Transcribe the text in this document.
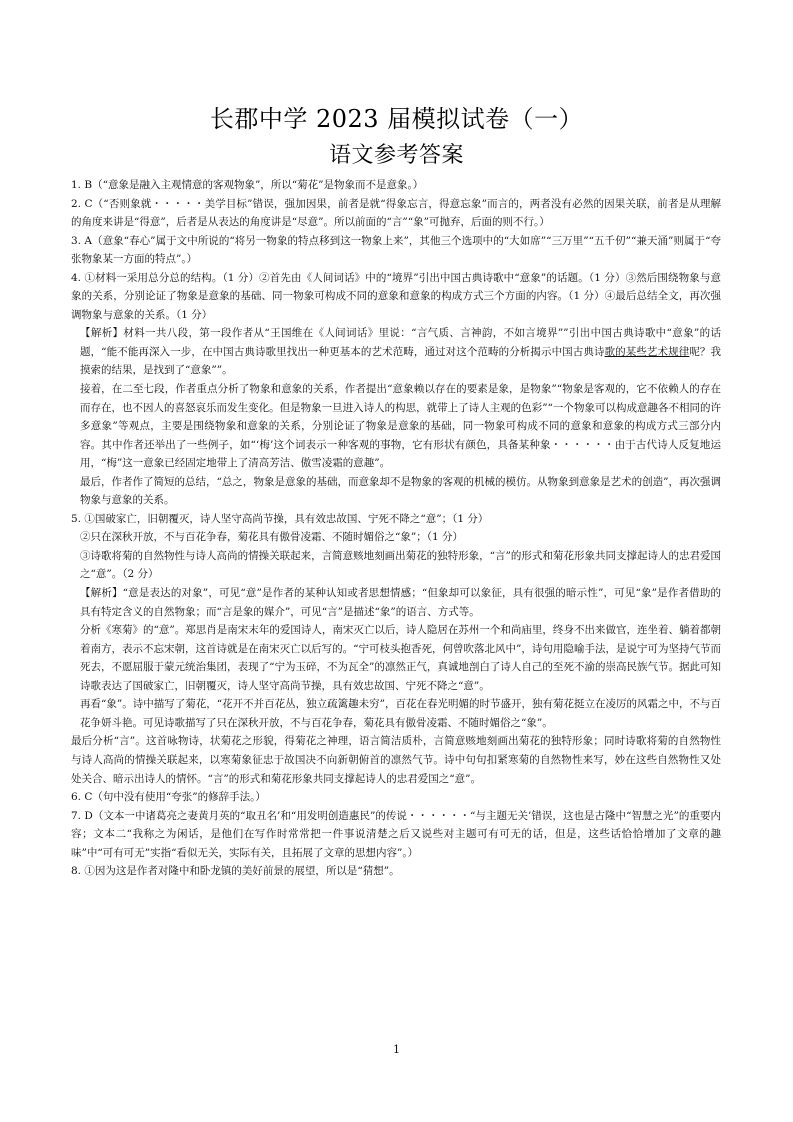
长郡中学 2023 届模拟试卷（一）
语文参考答案

1. B（“意象是融入主观情意的客观物象”，所以“菊花”是物象而不是意象。）

2. C（“否则象就・・・・・美学目标”错误，强加因果，前者是就“得象忘言，得意忘象”而言的，两者没有必然的因果关联，前者是从理解的角度来讲是“得意”，后者是从表达的角度讲是“尽意”。所以前面的“言”“象”可抛弃，后面的则不行。）

3. A（意象“春心”属于文中所说的“将另一物象的特点移到这一物象上来”，其他三个选项中的“大如席”“三万里”“五千仞”“兼天涌”则属于“夸张物象某一方面的特点”。）

4. ①材料一采用总分总的结构。（1 分）②首先由《人间词话》中的“境界”引出中国古典诗歌中“意象”的话题。（1 分）③然后围绕物象与意象的关系，分别论证了物象是意象的基础、同一物象可构成不同的意象和意象的构成方式三个方面的内容。（1 分）④最后总结全文，再次强调物象与意象的关系。（1 分）

【解析】材料一共八段，第一段作者从“王国维在《人间词话》里说：“言气质、言神韵，不如言境界””引出中国古典诗歌中“意象”的话题，“能不能再深入一步，在中国古典诗歌里找出一种更基本的艺术范畴，通过对这个范畴的分析揭示中国古典诗歌的某些艺术规律呢？我摸索的结果，是找到了“意象””。

接着，在二至七段，作者重点分析了物象和意象的关系，作者提出“意象赖以存在的要素是象，是物象”“物象是客观的，它不依赖人的存在而存在，也不因人的喜怒哀乐而发生变化。但是物象一旦进入诗人的构思，就带上了诗人主观的色彩”“一个物象可以构成意趣各不相同的许多意象”等观点，主要是围绕物象和意象的关系，分别论证了物象是意象的基础，同一物象可构成不同的意象和意象的构成方式三部分内容。其中作者还举出了一些例子，如“‘梅’这个词表示一种客观的事物，它有形状有颜色，具备某种象・・・・・・由于古代诗人反复地运用，“梅”这一意象已经固定地带上了清高芳洁、傲雪凌霜的意趣”。

最后，作者作了简短的总结，“总之，物象是意象的基础，而意象却不是物象的客观的机械的模仿。从物象到意象是艺术的创造”，再次强调物象与意象的关系。

5. ①国破家亡，旧朝覆灭，诗人坚守高尚节操，具有效忠故国、宁死不降之“意”；（1 分）

②只在深秋开放，不与百花争春，菊花具有傲骨凌霜、不随时媚俗之“象”；（1 分）

③诗歌将菊的自然物性与诗人高尚的情操关联起来，言简意赅地刻画出菊花的独特形象，“言”的形式和菊花形象共同支撑起诗人的忠君爱国之“意”。（2 分）

【解析】“意是表达的对象”，可见“意”是作者的某种认知或者思想情感；“但象却可以象征，具有很强的暗示性”，可见“象”是作者借助的具有特定含义的自然物象；而“言是象的媒介”，可见“言”是描述“象”的语言、方式等。

分析《寒菊》的“意”。郑思肖是南宋末年的爱国诗人，南宋灭亡以后，诗人隐居在苏州一个和尚庙里，终身不出来做官，连坐着、躺着都朝着南方，表示不忘宋朝，这首诗就是在南宋灭亡以后写的。“宁可枝头抱香死，何曾吹落北风中”，诗句用隐喻手法，是说宁可为坚持气节而死去，不愿屈服于蒙元统治集团，表现了“宁为玉碎，不为瓦全”的凛然正气，真诚地剖白了诗人自己的至死不渝的崇高民族气节。据此可知诗歌表达了国破家亡，旧朝覆灭，诗人坚守高尚节操，具有效忠故国、宁死不降之“意”。

再看“象”。诗中描写了菊花，“花开不并百花丛，独立疏篱趣未穷”，百花在春光明媚的时节盛开，独有菊花挺立在凌厉的风霜之中，不与百花争妍斗艳。可见诗歌描写了只在深秋开放，不与百花争春，菊花具有傲骨凌霜、不随时媚俗之“象”。

最后分析“言”。这首咏物诗，状菊花之形貌，得菊花之神理，语言简洁质朴，言简意赅地刻画出菊花的独特形象；同时诗歌将菊的自然物性与诗人高尚的情操关联起来，以寒菊象征忠于故国决不向新朝俯首的凛然气节。诗中句句扣紧寒菊的自然物性来写，妙在这些自然物性又处处关合、暗示出诗人的情怀。“言”的形式和菊花形象共同支撑起诗人的忠君爱国之“意”。

6. C（句中没有使用“夸张”的修辞手法。）

7. D（文本一中诸葛亮之妻黄月英的“取丑名’和“用发明创造惠民”的传说・・・・・・“与主题无关’错误，这也是古隆中“智慧之光”的重要内容；文本二“我称之为闲话，是他们在写作时常常把一件事说清楚之后又说些对主题可有可无的话，但是，这些话恰恰增加了文章的趣味”中“可有可无”实指“看似无关，实际有关，且拓展了文章的思想内容”。）

8. ①因为这是作者对隆中和卧龙镇的美好前景的展望，所以是“猜想”。

1
